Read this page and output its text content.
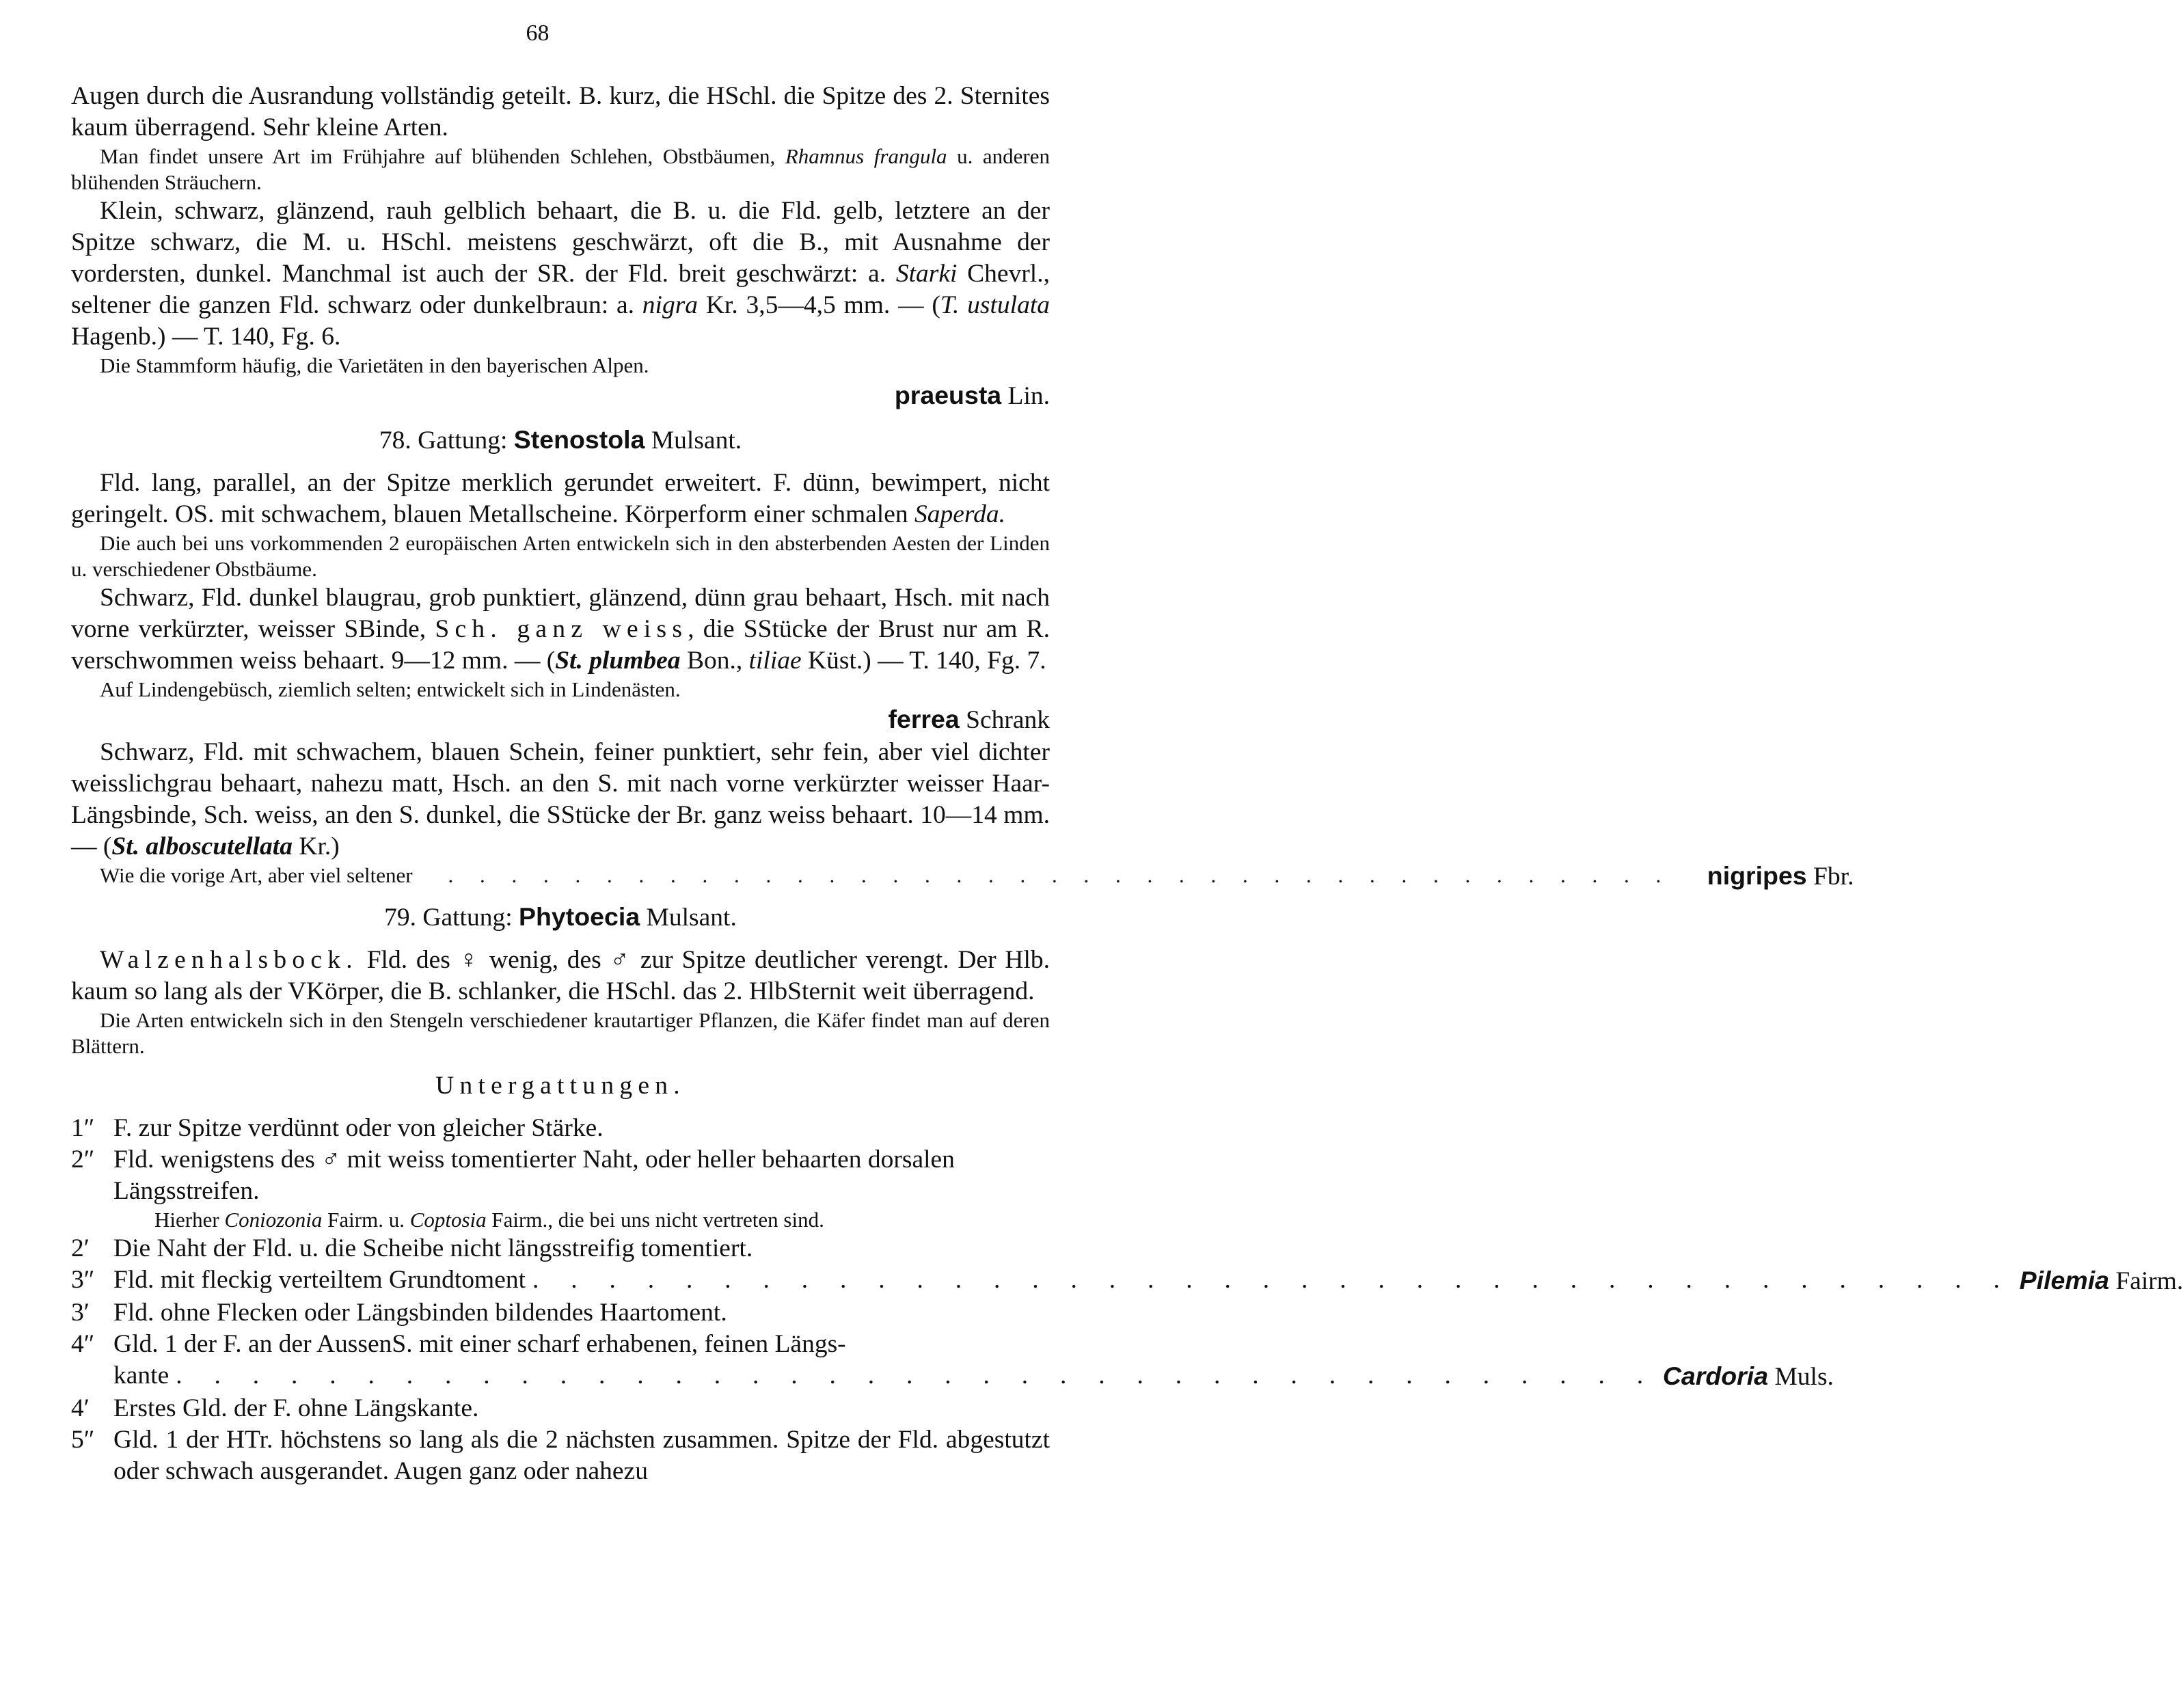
68

Augen durch die Ausrandung vollständig geteilt. B. kurz, die HSchl. die Spitze des 2. Sternites kaum überragend. Sehr kleine Arten.

Man findet unsere Art im Frühjahre auf blühenden Schlehen, Obstbäumen, Rhamnus frangula u. anderen blühenden Sträuchern.

Klein, schwarz, glänzend, rauh gelblich behaart, die B. u. die Fld. gelb, letztere an der Spitze schwarz, die M. u. HSchl. meistens geschwärzt, oft die B., mit Ausnahme der vordersten, dunkel. Manchmal ist auch der SR. der Fld. breit geschwärzt: a. Starki Chevrl., seltener die ganzen Fld. schwarz oder dunkelbraun: a. nigra Kr. 3,5—4,5 mm. — (T. ustulata Hagenb.) — T. 140, Fg. 6.

Die Stammform häufig, die Varietäten in den bayerischen Alpen.

praeusta Lin.

78. Gattung: Stenostola Mulsant.

Fld. lang, parallel, an der Spitze merklich gerundet erweitert. F. dünn, bewimpert, nicht geringelt. OS. mit schwachem, blauen Metallscheine. Körperform einer schmalen Saperda.

Die auch bei uns vorkommenden 2 europäischen Arten entwickeln sich in den absterbenden Aesten der Linden u. verschiedener Obstbäume.

Schwarz, Fld. dunkel blaugrau, grob punktiert, glänzend, dünn grau behaart, Hsch. mit nach vorne verkürzter, weisser SBinde, Sch. ganz weiss, die SStücke der Brust nur am R. verschwommen weiss behaart. 9—12 mm. — (St. plumbea Bon., tiliae Küst.) — T. 140, Fg. 7.

Auf Lindengebüsch, ziemlich selten; entwickelt sich in Lindenästen.

ferrea Schrank

Schwarz, Fld. mit schwachem, blauen Schein, feiner punktiert, sehr fein, aber viel dichter weisslichgrau behaart, nahezu matt, Hsch. an den S. mit nach vorne verkürzter weisser Haar-Längsbinde, Sch. weiss, an den S. dunkel, die SStücke der Br. ganz weiss behaart. 10—14 mm. — (St. alboscutellata Kr.)

Wie die vorige Art, aber viel seltener	. . . . . . . . . . . . . . . . . . . . . . . . . . . . . . . . . . . . . . .	nigripes Fbr.

79. Gattung: Phytoecia Mulsant.

Walzenhalsbock. Fld. des ♀ wenig, des ♂ zur Spitze deutlicher verengt. Der Hlb. kaum so lang als der VKörper, die B. schlanker, die HSchl. das 2. HlbSternit weit überragend.

Die Arten entwickeln sich in den Stengeln verschiedener krautartiger Pflanzen, die Käfer findet man auf deren Blättern.

Untergattungen.

1″ F. zur Spitze verdünnt oder von gleicher Stärke.
2″ Fld. wenigstens des ♂ mit weiss tomentierter Naht, oder heller behaarten dorsalen Längsstreifen.

Hierher Coniozonia Fairm. u. Coptosia Fairm., die bei uns nicht vertreten sind.

2′ Die Naht der Fld. u. die Scheibe nicht längsstreifig tomentiert.
3″ Fld. mit fleckig verteiltem Grundtoment . . . . . . . . . . . . . . . . . . . . . . . . . . . . . . . . . . . . . . . Pilemia Fairm.
3′ Fld. ohne Flecken oder Längsbinden bildendes Haartoment.
4″ Gld. 1 der F. an der AussenS. mit einer scharf erhabenen, feinen Längs-
kante . . . . . . . . . . . . . . . . . . . . . . . . . . . . . . . . . . . . . . . Cardoria Muls.
4′ Erstes Gld. der F. ohne Längskante.
5″ Gld. 1 der HTr. höchstens so lang als die 2 nächsten zusammen. Spitze der Fld. abgestutzt oder schwach ausgerandet. Augen ganz oder nahezu
